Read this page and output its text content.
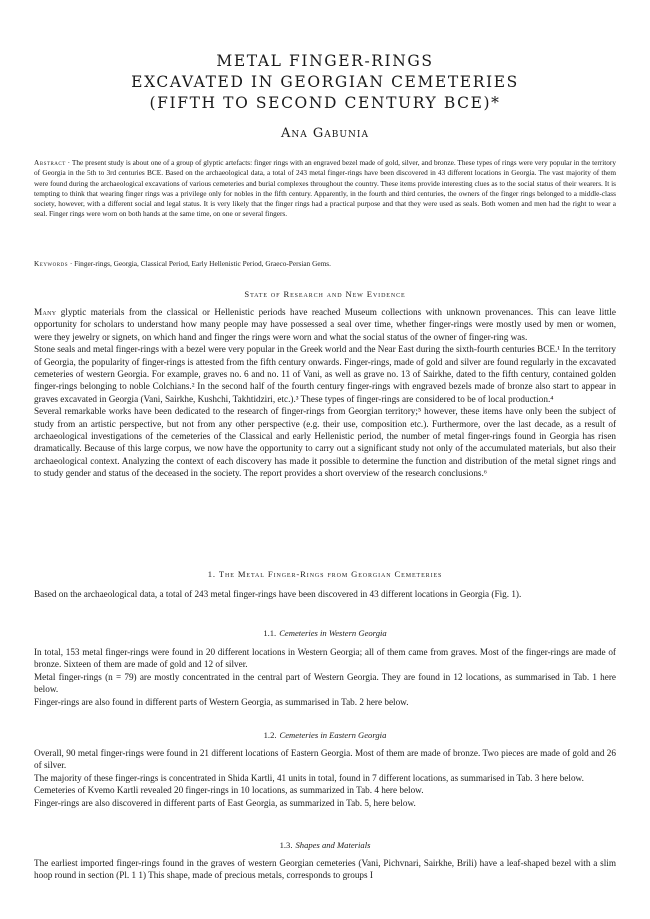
METAL FINGER-RINGS
EXCAVATED IN GEORGIAN CEMETERIES
(FIFTH TO SECOND CENTURY BCE)*
Ana Gabunia
Abstract · The present study is about one of a group of glyptic artefacts: finger rings with an engraved bezel made of gold, silver, and bronze. These types of rings were very popular in the territory of Georgia in the 5th to 3rd centuries BCE. Based on the archaeological data, a total of 243 metal finger-rings have been discovered in 43 different locations in Georgia. The vast majority of them were found during the archaeological excavations of various cemeteries and burial complexes throughout the country. These items provide interesting clues as to the social status of their wearers. It is tempting to think that wearing finger rings was a privilege only for nobles in the fifth century. Apparently, in the fourth and third centuries, the owners of the finger rings belonged to a middle-class society, however, with a different social and legal status. It is very likely that the finger rings had a practical purpose and that they were used as seals. Both women and men had the right to wear a seal. Finger rings were worn on both hands at the same time, on one or several fingers.
Keywords · Finger-rings, Georgia, Classical Period, Early Hellenistic Period, Graeco-Persian Gems.
State of Research and New Evidence

Many glyptic materials from the classical or Hellenistic periods have reached Museum collections with unknown provenances. This can leave little opportunity for scholars to understand how many people may have possessed a seal over time, whether finger-rings were mostly used by men or women, were they jewelry or signets, on which hand and finger the rings were worn and what the social status of the owner of finger-ring was.

Stone seals and metal finger-rings with a bezel were very popular in the Greek world and the Near East during the sixth-fourth centuries BCE.¹ In the territory of Georgia, the popularity of finger-rings is attested from the fifth century onwards. Finger-rings, made of gold and silver are found regularly in the excavated cemeteries of western Georgia. For example, graves no. 6 and no. 11 of Vani, as well as grave no. 13 of Sairkhe, dated to the fifth century, contained golden finger-rings belonging to noble Colchians.² In the second half of the fourth century finger-rings with engraved bezels made of bronze also start to appear in graves excavated in Georgia (Vani, Sairkhe, Kushchi, Takhtidziri, etc.).³ These types of finger-rings are considered to be of local production.⁴

Several remarkable works have been dedicated to the research of finger-rings from Georgian territory;⁵ however, these items have only been the subject of study from an artistic perspective, but not from any other perspective (e.g. their use, composition etc.). Furthermore, over the last decade, as a result of archaeological investigations of the cemeteries of the Classical and early Hellenistic period, the number of metal finger-rings found in Georgia has risen dramatically. Because of this large corpus, we now have the opportunity to carry out a significant study not only of the accumulated materials, but also their archaeological context. Analyzing the context of each discovery has made it possible to determine the function and distribution of the metal signet rings and to study gender and status of the deceased in the society. The report provides a short overview of the research conclusions.⁶

1. The Metal Finger-Rings from Georgian Cemeteries

Based on the archaeological data, a total of 243 metal finger-rings have been discovered in 43 different locations in Georgia (Fig. 1).

1.1. Cemeteries in Western Georgia

In total, 153 metal finger-rings were found in 20 different locations in Western Georgia; all of them came from graves. Most of the finger-rings are made of bronze. Sixteen of them are made of gold and 12 of silver.

Metal finger-rings (n = 79) are mostly concentrated in the central part of Western Georgia. They are found in 12 locations, as summarised in Tab. 1 here below.

Finger-rings are also found in different parts of Western Georgia, as summarised in Tab. 2 here below.

1.2. Cemeteries in Eastern Georgia

Overall, 90 metal finger-rings were found in 21 different locations of Eastern Georgia. Most of them are made of bronze. Two pieces are made of gold and 26 of silver.

The majority of these finger-rings is concentrated in Shida Kartli, 41 units in total, found in 7 different locations, as summarised in Tab. 3 here below.

Cemeteries of Kvemo Kartli revealed 20 finger-rings in 10 locations, as summarized in Tab. 4 here below.

Finger-rings are also discovered in different parts of East Georgia, as summarized in Tab. 5, here below.

1.3. Shapes and Materials

The earliest imported finger-rings found in the graves of western Georgian cemeteries (Vani, Pichvnari, Sairkhe, Brili) have a leaf-shaped bezel with a slim hoop round in section (Pl. 1 1) This shape, made of precious metals, corresponds to groups I
